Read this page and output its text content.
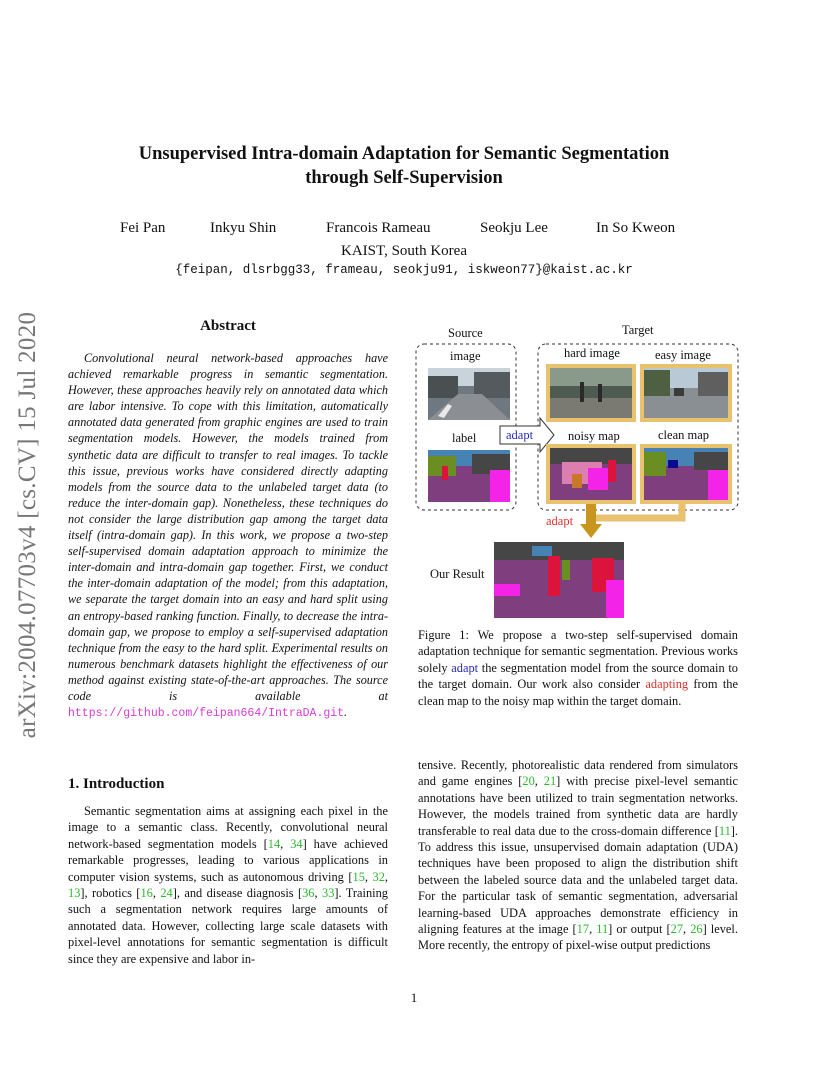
arXiv:2004.07703v4 [cs.CV] 15 Jul 2020
Unsupervised Intra-domain Adaptation for Semantic Segmentation
through Self-Supervision
Fei Pan	Inkyu Shin	Francois Rameau	Seokju Lee	In So Kweon
KAIST, South Korea
{feipan, dlsrbgg33, frameau, seokju91, iskweon77}@kaist.ac.kr
Abstract
Convolutional neural network-based approaches have achieved remarkable progress in semantic segmentation. However, these approaches heavily rely on annotated data which are labor intensive. To cope with this limitation, automatically annotated data generated from graphic engines are used to train segmentation models. However, the models trained from synthetic data are difficult to transfer to real images. To tackle this issue, previous works have considered directly adapting models from the source data to the unlabeled target data (to reduce the inter-domain gap). Nonetheless, these techniques do not consider the large distribution gap among the target data itself (intra-domain gap). In this work, we propose a two-step self-supervised domain adaptation approach to minimize the inter-domain and intra-domain gap together. First, we conduct the inter-domain adaptation of the model; from this adaptation, we separate the target domain into an easy and hard split using an entropy-based ranking function. Finally, to decrease the intra-domain gap, we propose to employ a self-supervised adaptation technique from the easy to the hard split. Experimental results on numerous benchmark datasets highlight the effectiveness of our method against existing state-of-the-art approaches. The source code is available at https://github.com/feipan664/IntraDA.git.
Source	Target
image	hard image	easy image
label adapt	noisy map	clean map
adapt
Our Result
Figure 1: We propose a two-step self-supervised domain adaptation technique for semantic segmentation. Previous works solely adapt the segmentation model from the source domain to the target domain. Our work also consider adapting from the clean map to the noisy map within the target domain.
1. Introduction
Semantic segmentation aims at assigning each pixel in the image to a semantic class. Recently, convolutional neural network-based segmentation models [14, 34] have achieved remarkable progresses, leading to various applications in computer vision systems, such as autonomous driving [15, 32, 13], robotics [16, 24], and disease diagnosis [36, 33]. Training such a segmentation network requires large amounts of annotated data. However, collecting large scale datasets with pixel-level annotations for semantic segmentation is difficult since they are expensive and labor in-
tensive. Recently, photorealistic data rendered from simulators and game engines [20, 21] with precise pixel-level semantic annotations have been utilized to train segmentation networks. However, the models trained from synthetic data are hardly transferable to real data due to the cross-domain difference [11]. To address this issue, unsupervised domain adaptation (UDA) techniques have been proposed to align the distribution shift between the labeled source data and the unlabeled target data. For the particular task of semantic segmentation, adversarial learning-based UDA approaches demonstrate efficiency in aligning features at the image [17, 11] or output [27, 26] level. More recently, the entropy of pixel-wise output predictions
1
